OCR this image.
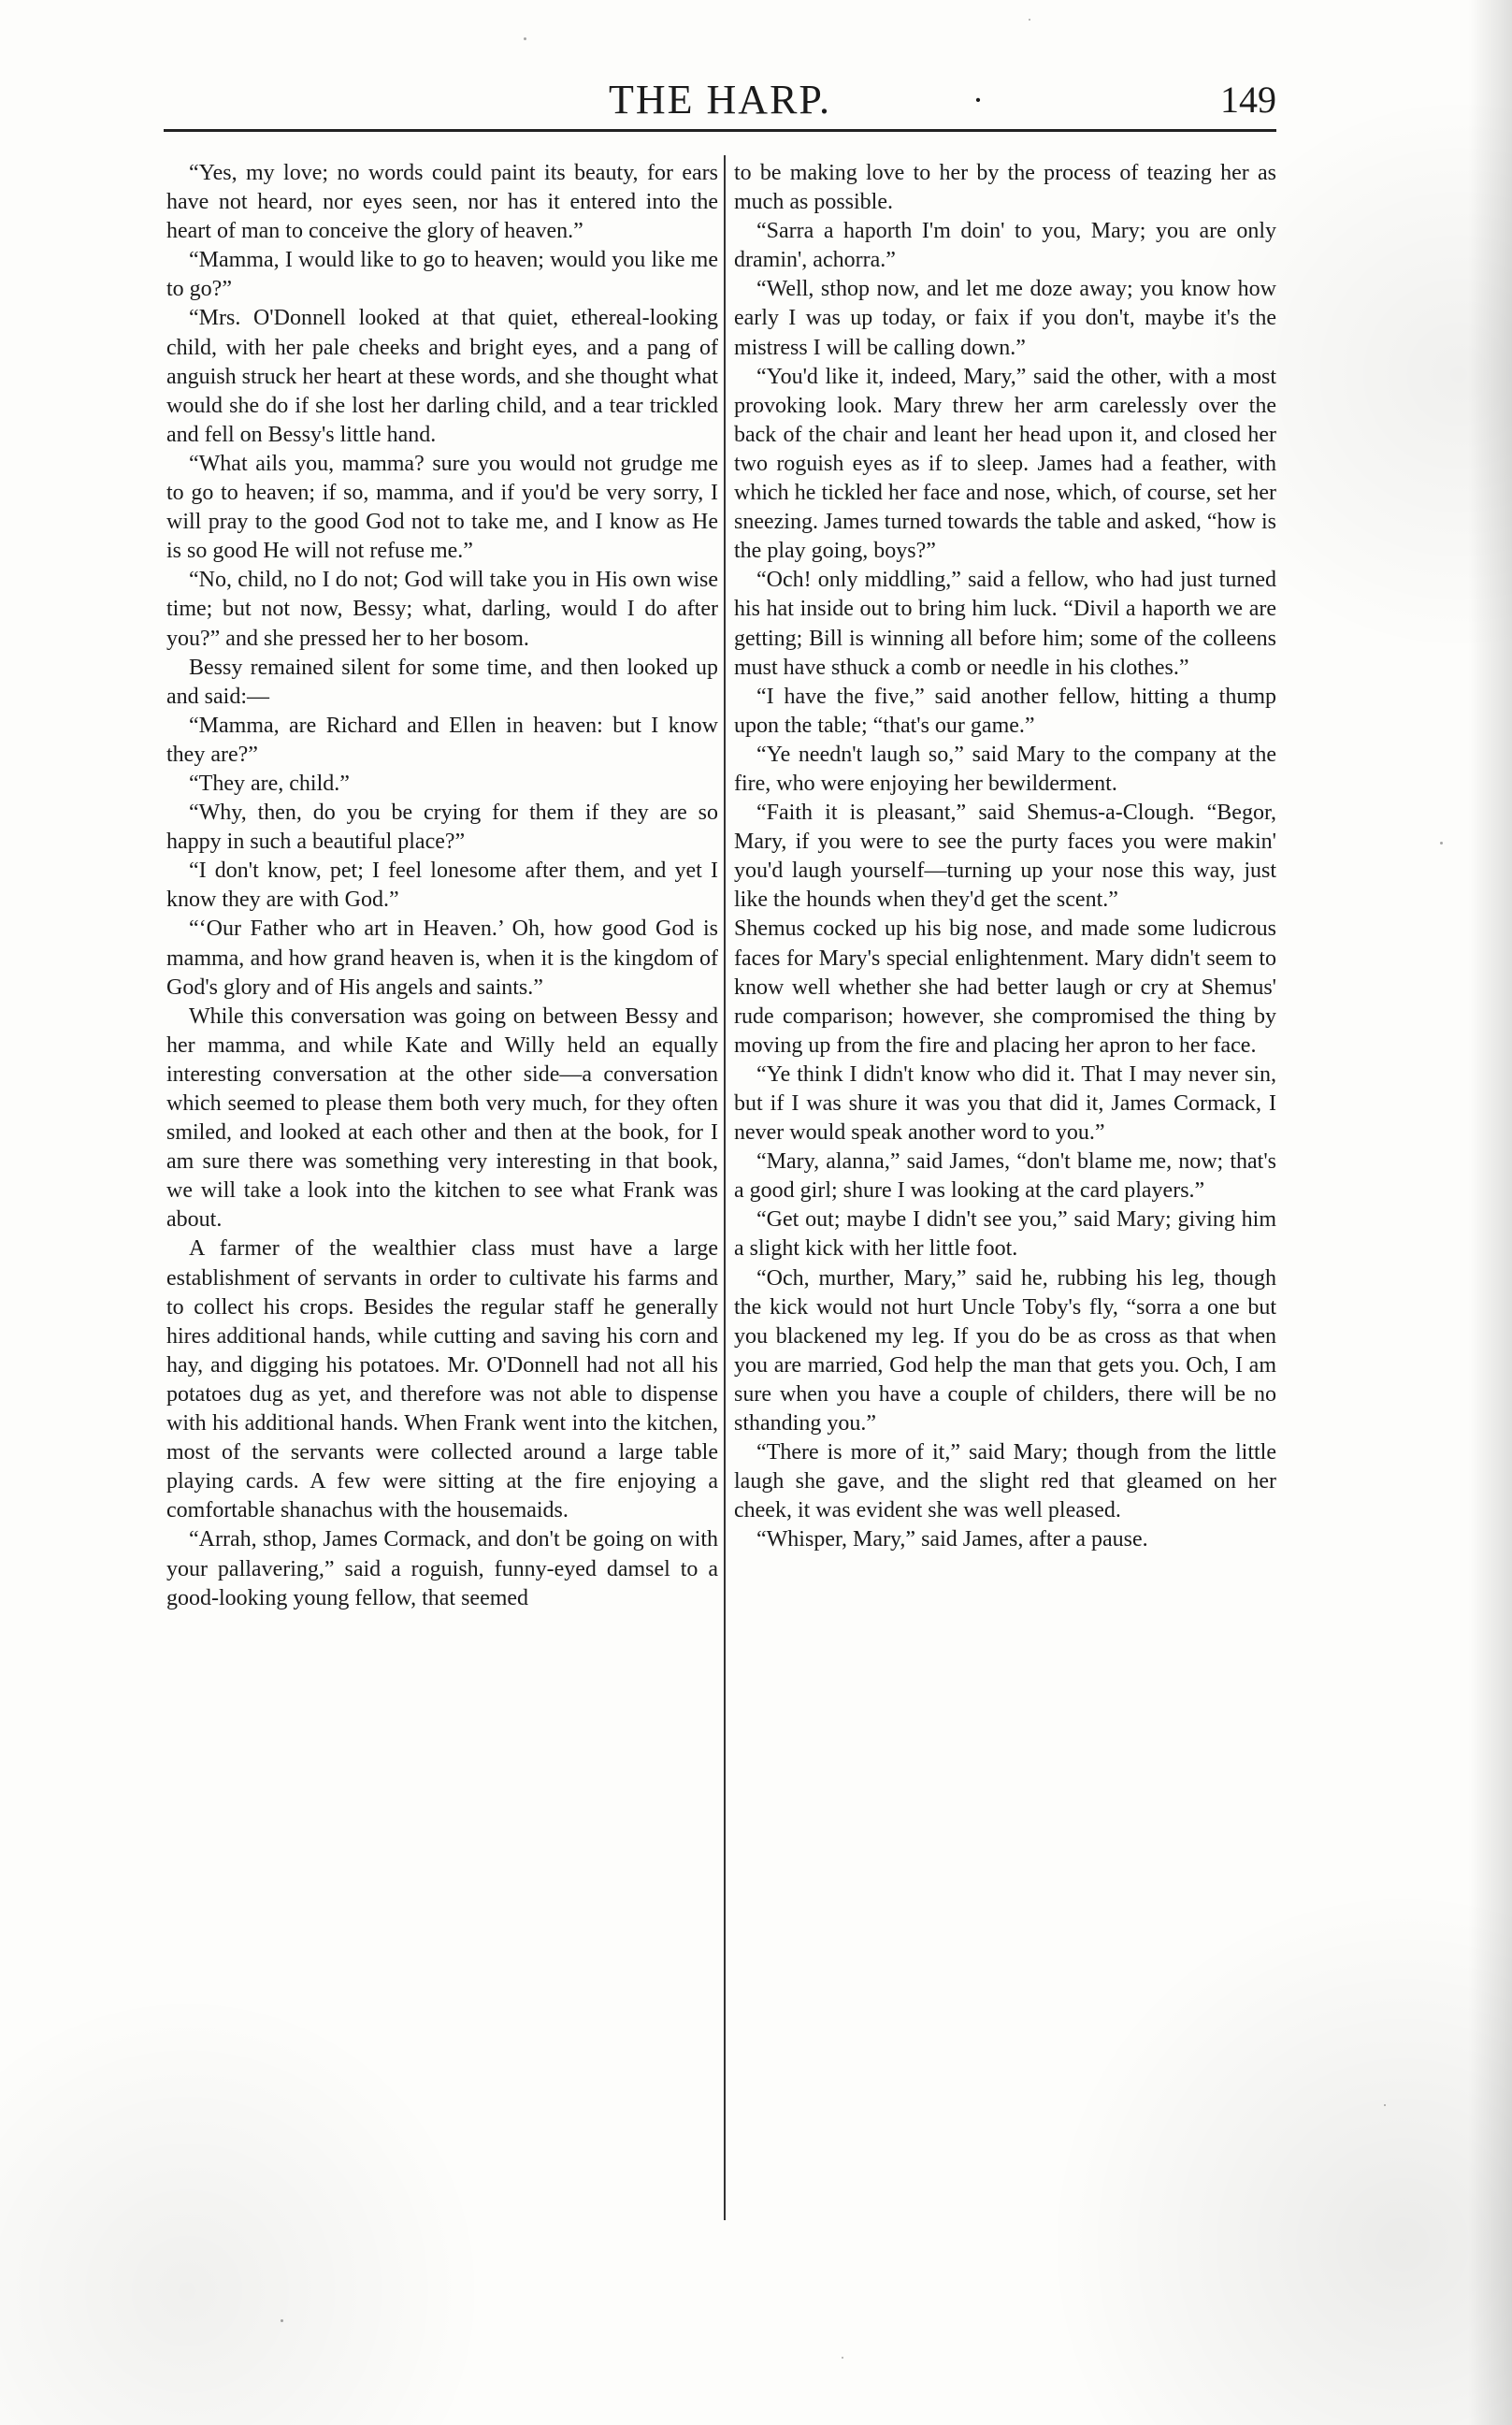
THE HARP.	·	149

“Yes, my love; no words could paint its beauty, for ears have not heard, nor eyes seen, nor has it entered into the heart of man to conceive the glory of heaven.”

“Mamma, I would like to go to heaven; would you like me to go?”

“Mrs. O'Donnell looked at that quiet, ethereal-looking child, with her pale cheeks and bright eyes, and a pang of anguish struck her heart at these words, and she thought what would she do if she lost her darling child, and a tear trickled and fell on Bessy's little hand.

“What ails you, mamma? sure you would not grudge me to go to heaven; if so, mamma, and if you'd be very sorry, I will pray to the good God not to take me, and I know as He is so good He will not refuse me.”

“No, child, no I do not; God will take you in His own wise time; but not now, Bessy; what, darling, would I do after you?” and she pressed her to her bosom.

Bessy remained silent for some time, and then looked up and said:—

“Mamma, are Richard and Ellen in heaven: but I know they are?”

“They are, child.”

“Why, then, do you be crying for them if they are so happy in such a beautiful place?”

“I don't know, pet; I feel lonesome after them, and yet I know they are with God.”

“‘Our Father who art in Heaven.’ Oh, how good God is mamma, and how grand heaven is, when it is the kingdom of God's glory and of His angels and saints.”

While this conversation was going on between Bessy and her mamma, and while Kate and Willy held an equally interesting conversation at the other side—a conversation which seemed to please them both very much, for they often smiled, and looked at each other and then at the book, for I am sure there was something very interesting in that book, we will take a look into the kitchen to see what Frank was about.

A farmer of the wealthier class must have a large establishment of servants in order to cultivate his farms and to collect his crops. Besides the regular staff he generally hires additional hands, while cutting and saving his corn and hay, and digging his potatoes. Mr. O'Donnell had not all his potatoes dug as yet, and therefore was not able to dispense with his additional hands. When Frank went into the kitchen, most of the servants were collected around a large table playing cards. A few were sitting at the fire enjoying a comfortable shanachus with the housemaids.

“Arrah, sthop, James Cormack, and don't be going on with your pallavering,” said a roguish, funny-eyed damsel to a good-looking young fellow, that seemed

to be making love to her by the process of teazing her as much as possible.

“Sarra a haporth I'm doin' to you, Mary; you are only dramin', achorra.”

“Well, sthop now, and let me doze away; you know how early I was up today, or faix if you don't, maybe it's the mistress I will be calling down.”

“You'd like it, indeed, Mary,” said the other, with a most provoking look. Mary threw her arm carelessly over the back of the chair and leant her head upon it, and closed her two roguish eyes as if to sleep. James had a feather, with which he tickled her face and nose, which, of course, set her sneezing. James turned towards the table and asked, “how is the play going, boys?”

“Och! only middling,” said a fellow, who had just turned his hat inside out to bring him luck. “Divil a haporth we are getting; Bill is winning all before him; some of the colleens must have sthuck a comb or needle in his clothes.”

“I have the five,” said another fellow, hitting a thump upon the table; “that's our game.”

“Ye needn't laugh so,” said Mary to the company at the fire, who were enjoying her bewilderment.

“Faith it is pleasant,” said Shemus-a-Clough. “Begor, Mary, if you were to see the purty faces you were makin' you'd laugh yourself—turning up your nose this way, just like the hounds when they'd get the scent.”

Shemus cocked up his big nose, and made some ludicrous faces for Mary's special enlightenment. Mary didn't seem to know well whether she had better laugh or cry at Shemus' rude comparison; however, she compromised the thing by moving up from the fire and placing her apron to her face.

“Ye think I didn't know who did it. That I may never sin, but if I was shure it was you that did it, James Cormack, I never would speak another word to you.”

“Mary, alanna,” said James, “don't blame me, now; that's a good girl; shure I was looking at the card players.”

“Get out; maybe I didn't see you,” said Mary; giving him a slight kick with her little foot.

“Och, murther, Mary,” said he, rubbing his leg, though the kick would not hurt Uncle Toby's fly, “sorra a one but you blackened my leg. If you do be as cross as that when you are married, God help the man that gets you. Och, I am sure when you have a couple of childers, there will be no sthanding you.”

“There is more of it,” said Mary; though from the little laugh she gave, and the slight red that gleamed on her cheek, it was evident she was well pleased.

“Whisper, Mary,” said James, after a pause.
